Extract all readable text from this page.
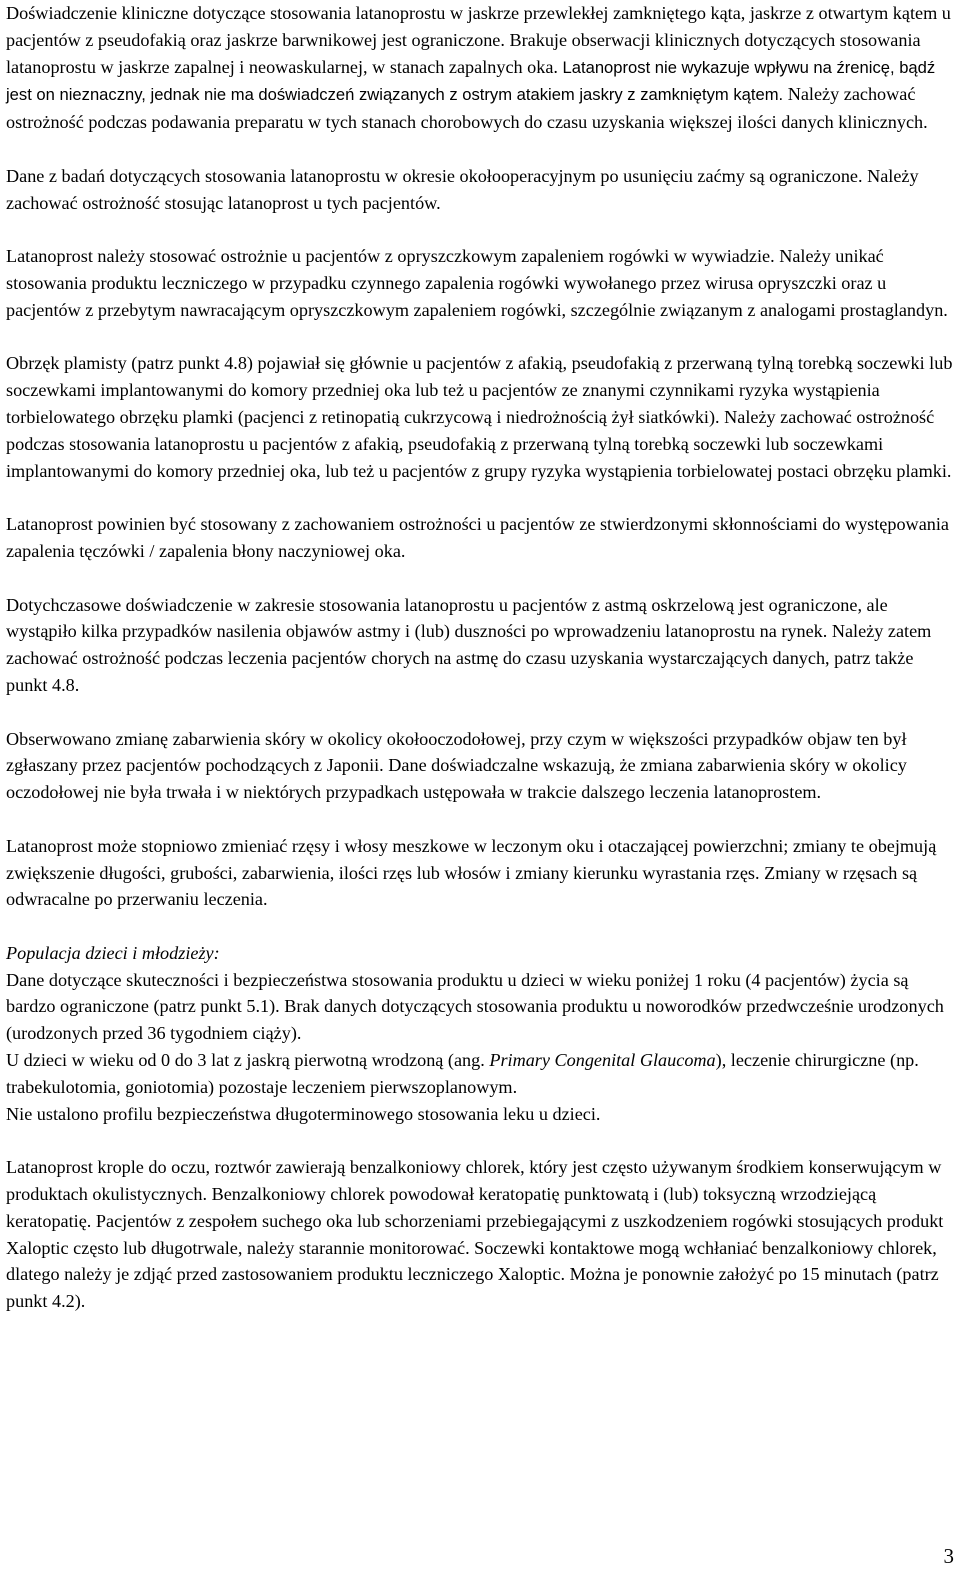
Doświadczenie kliniczne dotyczące stosowania latanoprostu w jaskrze przewlekłej zamkniętego kąta, jaskrze z otwartym kątem u pacjentów z pseudofakią oraz jaskrze barwnikowej jest ograniczone. Brakuje obserwacji klinicznych dotyczących stosowania latanoprostu w jaskrze zapalnej i neowaskularnej, w stanach zapalnych oka. Latanoprost nie wykazuje wpływu na źrenicę, bądź jest on nieznaczny, jednak nie ma doświadczeń związanych z ostrym atakiem jaskry z zamkniętym kątem. Należy zachować ostrożność podczas podawania preparatu w tych stanach chorobowych do czasu uzyskania większej ilości danych klinicznych.

Dane z badań dotyczących stosowania latanoprostu w okresie okołooperacyjnym po usunięciu zaćmy są ograniczone. Należy zachować ostrożność stosując latanoprost u tych pacjentów.

Latanoprost należy stosować ostrożnie u pacjentów z opryszczkowym zapaleniem rogówki w wywiadzie. Należy unikać stosowania produktu leczniczego w przypadku czynnego zapalenia rogówki wywołanego przez wirusa opryszczki oraz u pacjentów z przebytym nawracającym opryszczkowym zapaleniem rogówki, szczególnie związanym z analogami prostaglandyn.

Obrzęk plamisty (patrz punkt 4.8) pojawiał się głównie u pacjentów z afakią, pseudofakią z przerwaną tylną torebką soczewki lub soczewkami implantowanymi do komory przedniej oka lub też u pacjentów ze znanymi czynnikami ryzyka wystąpienia torbielowatego obrzęku plamki (pacjenci z retinopatią cukrzycową i niedrożnością żył siatkówki). Należy zachować ostrożność podczas stosowania latanoprostu u pacjentów z afakią, pseudofakią z przerwaną tylną torebką soczewki lub soczewkami implantowanymi do komory przedniej oka, lub też u pacjentów z grupy ryzyka wystąpienia torbielowatej postaci obrzęku plamki.

Latanoprost powinien być stosowany z zachowaniem ostrożności u pacjentów ze stwierdzonymi skłonnościami do występowania zapalenia tęczówki / zapalenia błony naczyniowej oka.

Dotychczasowe doświadczenie w zakresie stosowania latanoprostu u pacjentów z astmą oskrzelową jest ograniczone, ale wystąpiło kilka przypadków nasilenia objawów astmy i (lub) duszności po wprowadzeniu latanoprostu na rynek. Należy zatem zachować ostrożność podczas leczenia pacjentów chorych na astmę do czasu uzyskania wystarczających danych, patrz także punkt 4.8.

Obserwowano zmianę zabarwienia skóry w okolicy okołooczodołowej, przy czym w większości przypadków objaw ten był zgłaszany przez pacjentów pochodzących z Japonii. Dane doświadczalne wskazują, że zmiana zabarwienia skóry w okolicy oczodołowej nie była trwała i w niektórych przypadkach ustępowała w trakcie dalszego leczenia latanoprostem.

Latanoprost może stopniowo zmieniać rzęsy i włosy meszkowe w leczonym oku i otaczającej powierzchni; zmiany te obejmują zwiększenie długości, grubości, zabarwienia, ilości rzęs lub włosów i zmiany kierunku wyrastania rzęs. Zmiany w rzęsach są odwracalne po przerwaniu leczenia.

Populacja dzieci i młodzieży:
Dane dotyczące skuteczności i bezpieczeństwa stosowania produktu u dzieci w wieku poniżej 1 roku (4 pacjentów) życia są bardzo ograniczone (patrz punkt 5.1). Brak danych dotyczących stosowania produktu u noworodków przedwcześnie urodzonych (urodzonych przed 36 tygodniem ciąży).
U dzieci w wieku od 0 do 3 lat z jaskrą pierwotną wrodzoną (ang. Primary Congenital Glaucoma), leczenie chirurgiczne (np. trabekulotomia, goniotomia) pozostaje leczeniem pierwszoplanowym.
Nie ustalono profilu bezpieczeństwa długoterminowego stosowania leku u dzieci.

Latanoprost krople do oczu, roztwór zawierają benzalkoniowy chlorek, który jest często używanym środkiem konserwującym w produktach okulistycznych. Benzalkoniowy chlorek powodował keratopatię punktowatą i (lub) toksyczną wrzodziejącą keratopatię. Pacjentów z zespołem suchego oka lub schorzeniami przebiegającymi z uszkodzeniem rogówki stosujących produkt Xaloptic często lub długotrwale, należy starannie monitorować. Soczewki kontaktowe mogą wchłaniać benzalkoniowy chlorek, dlatego należy je zdjąć przed zastosowaniem produktu leczniczego Xaloptic. Można je ponownie założyć po 15 minutach (patrz punkt 4.2).

3
